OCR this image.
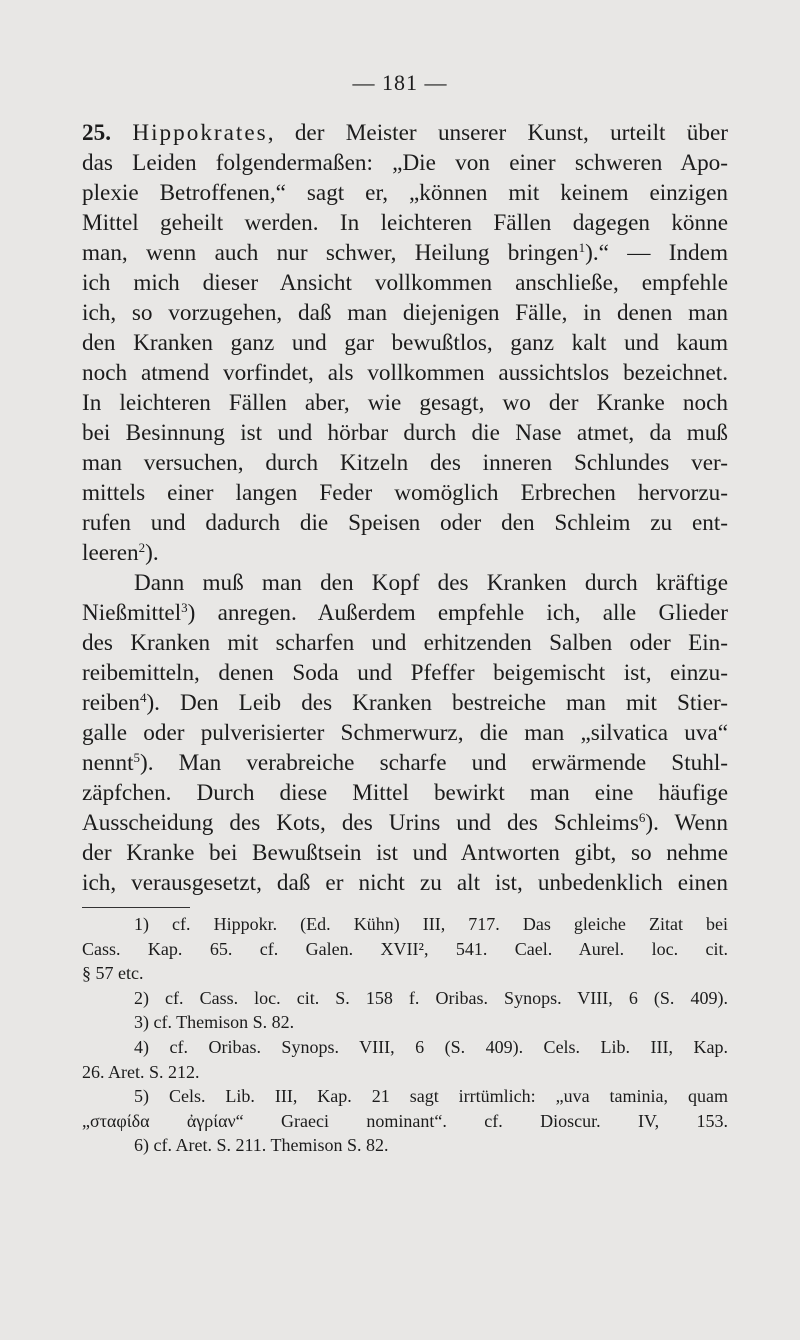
— 181 —
25. Hippokrates, der Meister unserer Kunst, urteilt über
das Leiden folgendermaßen: „Die von einer schweren Apo-
plexie Betroffenen,“ sagt er, „können mit keinem einzigen
Mittel geheilt werden. In leichteren Fällen dagegen könne
man, wenn auch nur schwer, Heilung bringen$^1$).“ — Indem
ich mich dieser Ansicht vollkommen anschließe, empfehle
ich, so vorzugehen, daß man diejenigen Fälle, in denen man
den Kranken ganz und gar bewußtlos, ganz kalt und kaum
noch atmend vorfindet, als vollkommen aussichtslos bezeichnet.
In leichteren Fällen aber, wie gesagt, wo der Kranke noch
bei Besinnung ist und hörbar durch die Nase atmet, da muß
man versuchen, durch Kitzeln des inneren Schlundes ver-
mittels einer langen Feder womöglich Erbrechen hervorzu-
rufen und dadurch die Speisen oder den Schleim zu ent-
leeren$^2$).
Dann muß man den Kopf des Kranken durch kräftige
Nießmittel$^3$) anregen. Außerdem empfehle ich, alle Glieder
des Kranken mit scharfen und erhitzenden Salben oder Ein-
reibemitteln, denen Soda und Pfeffer beigemischt ist, einzu-
reiben$^4$). Den Leib des Kranken bestreiche man mit Stier-
galle oder pulverisierter Schmerwurz, die man „silvatica uva“
nennt$^5$). Man verabreiche scharfe und erwärmende Stuhl-
zäpfchen. Durch diese Mittel bewirkt man eine häufige
Ausscheidung des Kots, des Urins und des Schleims$^6$). Wenn
der Kranke bei Bewußtsein ist und Antworten gibt, so nehme
ich, verausgesetzt, daß er nicht zu alt ist, unbedenklich einen
1) cf. Hippokr. (Ed. Kühn) III, 717. Das gleiche Zitat bei
Cass. Kap. 65. cf. Galen. XVII², 541. Cael. Aurel. loc. cit.
§ 57 etc.
2) cf. Cass. loc. cit. S. 158 f. Oribas. Synops. VIII, 6 (S. 409).
3) cf. Themison S. 82.
4) cf. Oribas. Synops. VIII, 6 (S. 409). Cels. Lib. III, Kap.
26. Aret. S. 212.
5) Cels. Lib. III, Kap. 21 sagt irrtümlich: „uva taminia, quam
„σταφίδα ἀγρίαν“ Graeci nominant“. cf. Dioscur. IV, 153.
6) cf. Aret. S. 211. Themison S. 82.
